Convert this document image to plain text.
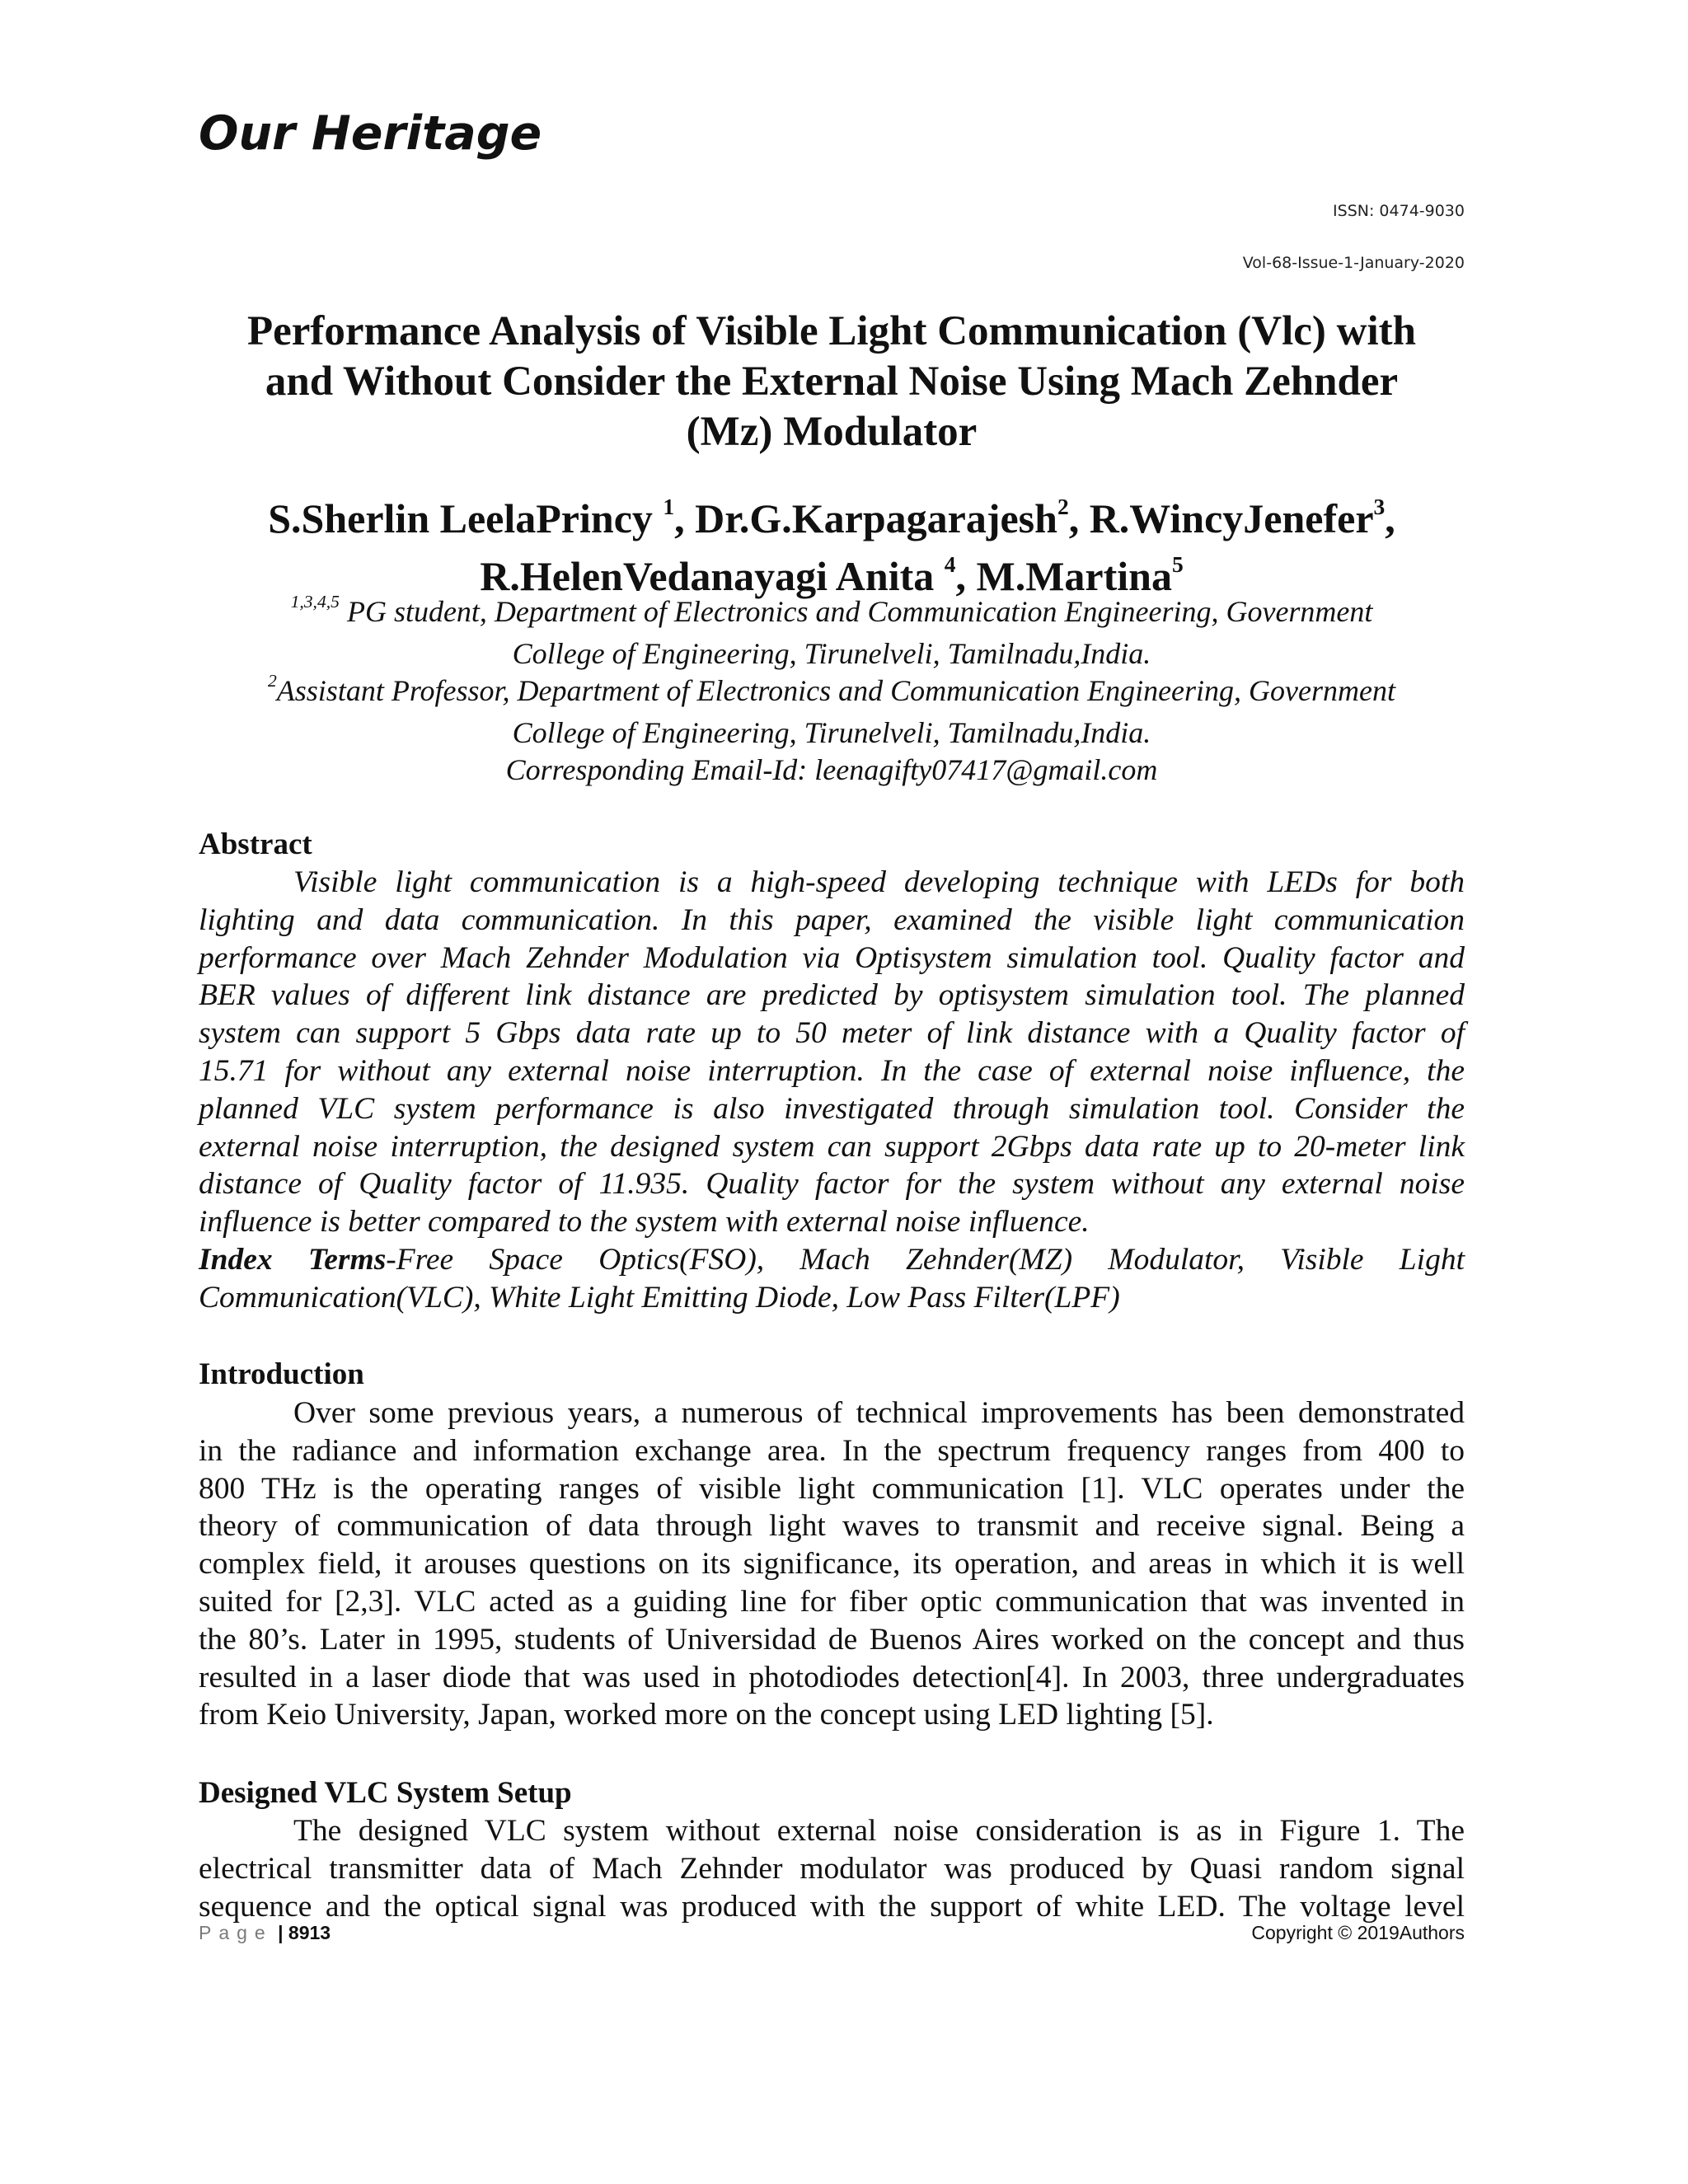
Our Heritage
ISSN: 0474-9030
Vol-68-Issue-1-January-2020
Performance Analysis of Visible Light Communication (Vlc) with
and Without Consider the External Noise Using Mach Zehnder
(Mz) Modulator
S.Sherlin LeelaPrincy $^1$, Dr.G.Karpagarajesh$^2$, R.WincyJenefer$^3$,
R.HelenVedanayagi Anita $^4$, M.Martina$^5$
$^{1,3,4,5}$ PG student, Department of Electronics and Communication Engineering, Government
College of Engineering, Tirunelveli, Tamilnadu,India.
$^2$Assistant Professor, Department of Electronics and Communication Engineering, Government
College of Engineering, Tirunelveli, Tamilnadu,India.
Corresponding Email-Id: leenagifty07417@gmail.com
Abstract
Visible light communication is a high-speed developing technique with LEDs for both
lighting and data communication. In this paper, examined the visible light communication
performance over Mach Zehnder Modulation via Optisystem simulation tool. Quality factor and
BER values of different link distance are predicted by optisystem simulation tool. The planned
system can support 5 Gbps data rate up to 50 meter of link distance with a Quality factor of
15.71 for without any external noise interruption. In the case of external noise influence, the
planned VLC system performance is also investigated through simulation tool. Consider the
external noise interruption, the designed system can support 2Gbps data rate up to 20-meter link
distance of Quality factor of 11.935. Quality factor for the system without any external noise
influence is better compared to the system with external noise influence.
Index Terms-Free Space Optics(FSO), Mach Zehnder(MZ) Modulator, Visible Light
Communication(VLC), White Light Emitting Diode, Low Pass Filter(LPF)
Introduction
Over some previous years, a numerous of technical improvements has been demonstrated
in the radiance and information exchange area. In the spectrum frequency ranges from 400 to
800 THz is the operating ranges of visible light communication [1]. VLC operates under the
theory of communication of data through light waves to transmit and receive signal. Being a
complex field, it arouses questions on its significance, its operation, and areas in which it is well
suited for [2,3]. VLC acted as a guiding line for fiber optic communication that was invented in
the 80’s. Later in 1995, students of Universidad de Buenos Aires worked on the concept and thus
resulted in a laser diode that was used in photodiodes detection[4]. In 2003, three undergraduates
from Keio University, Japan, worked more on the concept using LED lighting [5].
Designed VLC System Setup
The designed VLC system without external noise consideration is as in Figure 1. The
electrical transmitter data of Mach Zehnder modulator was produced by Quasi random signal
sequence and the optical signal was produced with the support of white LED. The voltage level
Page | 8913	Copyright © 2019Authors
